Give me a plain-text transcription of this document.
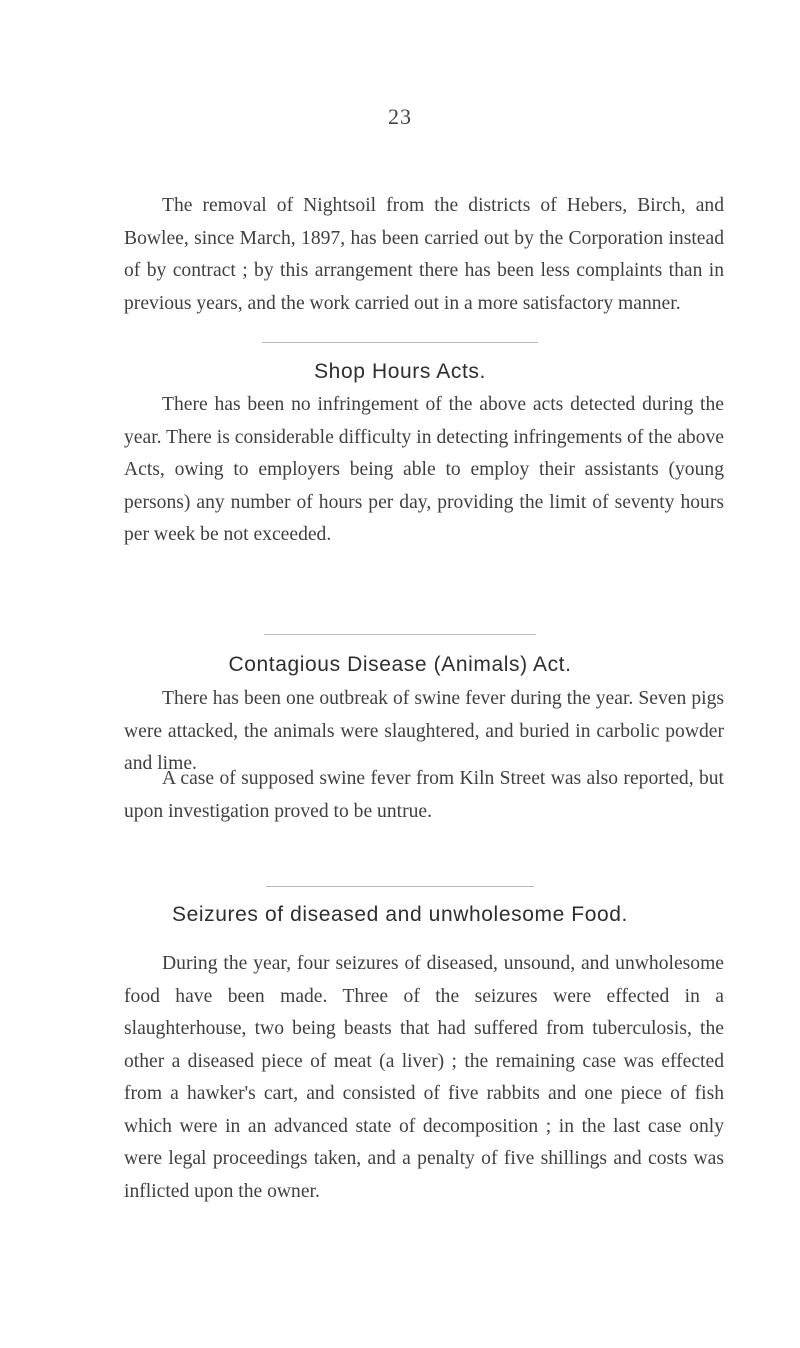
23
The removal of Nightsoil from the districts of Hebers, Birch, and Bowlee, since March, 1897, has been carried out by the Corporation instead of by contract ; by this arrangement there has been less complaints than in previous years, and the work carried out in a more satisfactory manner.
Shop Hours Acts.
There has been no infringement of the above acts detected during the year. There is considerable difficulty in detecting infringements of the above Acts, owing to employers being able to employ their assistants (young persons) any number of hours per day, providing the limit of seventy hours per week be not exceeded.
Contagious Disease (Animals) Act.
There has been one outbreak of swine fever during the year. Seven pigs were attacked, the animals were slaughtered, and buried in carbolic powder and lime.
A case of supposed swine fever from Kiln Street was also reported, but upon investigation proved to be untrue.
Seizures of diseased and unwholesome Food.
During the year, four seizures of diseased, unsound, and unwholesome food have been made. Three of the seizures were effected in a slaughterhouse, two being beasts that had suffered from tuberculosis, the other a diseased piece of meat (a liver) ; the remaining case was effected from a hawker's cart, and consisted of five rabbits and one piece of fish which were in an advanced state of decomposition ; in the last case only were legal proceedings taken, and a penalty of five shillings and costs was inflicted upon the owner.
